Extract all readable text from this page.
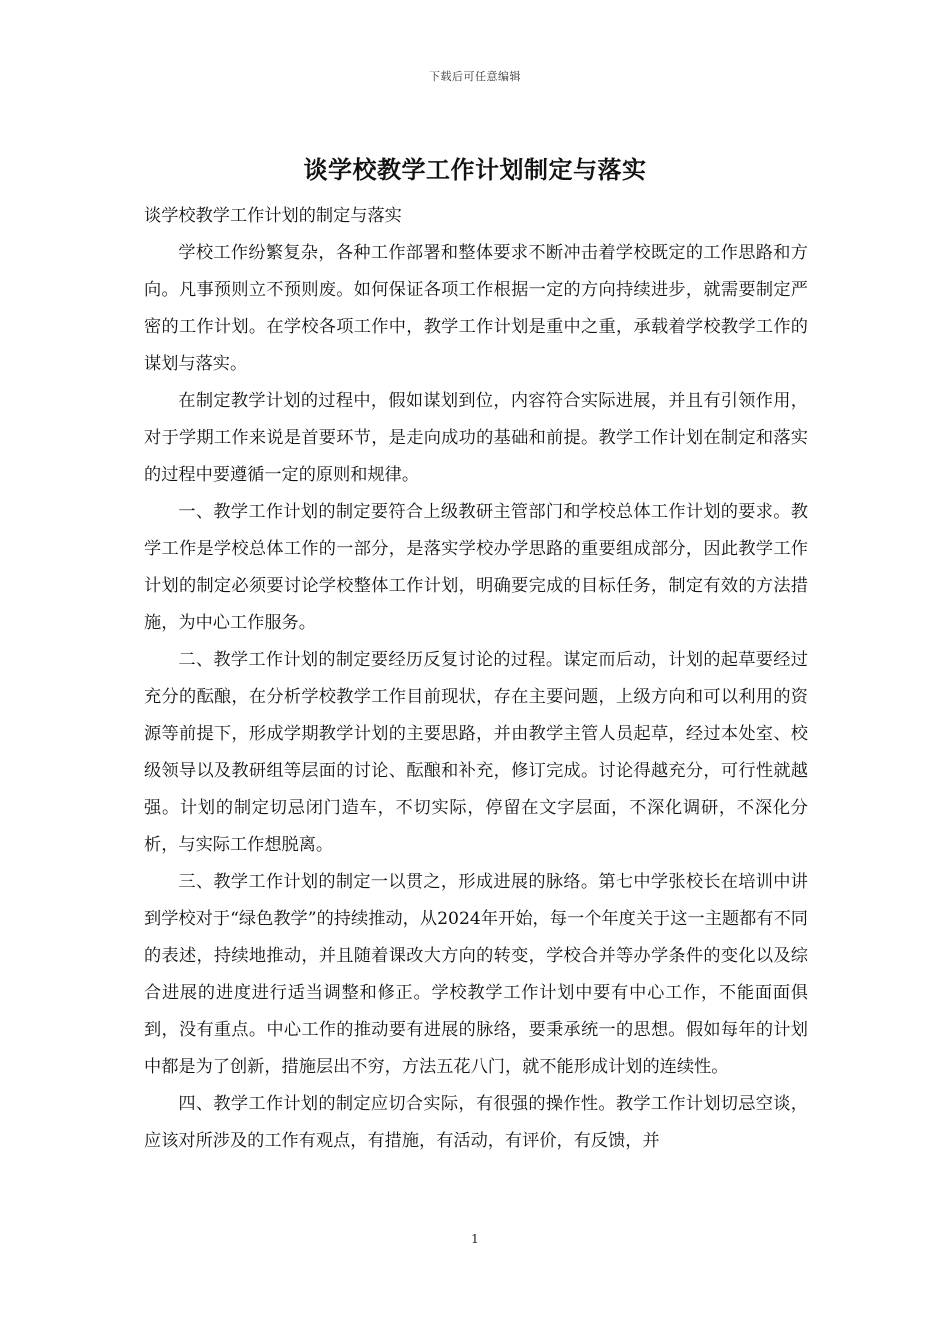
下载后可任意编辑
谈学校教学工作计划制定与落实

谈学校教学工作计划的制定与落实

学校工作纷繁复杂，各种工作部署和整体要求不断冲击着学校既定的工作思路和方向。凡事预则立不预则废。如何保证各项工作根据一定的方向持续进步，就需要制定严密的工作计划。在学校各项工作中，教学工作计划是重中之重，承载着学校教学工作的谋划与落实。

在制定教学计划的过程中，假如谋划到位，内容符合实际进展，并且有引领作用，对于学期工作来说是首要环节，是走向成功的基础和前提。教学工作计划在制定和落实的过程中要遵循一定的原则和规律。

一、教学工作计划的制定要符合上级教研主管部门和学校总体工作计划的要求。教学工作是学校总体工作的一部分，是落实学校办学思路的重要组成部分，因此教学工作计划的制定必须要讨论学校整体工作计划，明确要完成的目标任务，制定有效的方法措施，为中心工作服务。

二、教学工作计划的制定要经历反复讨论的过程。谋定而后动，计划的起草要经过充分的酝酿，在分析学校教学工作目前现状，存在主要问题，上级方向和可以利用的资源等前提下，形成学期教学计划的主要思路，并由教学主管人员起草，经过本处室、校级领导以及教研组等层面的讨论、酝酿和补充，修订完成。讨论得越充分，可行性就越强。计划的制定切忌闭门造车，不切实际，停留在文字层面，不深化调研，不深化分析，与实际工作想脱离。

三、教学工作计划的制定一以贯之，形成进展的脉络。第七中学张校长在培训中讲到学校对于“绿色教学”的持续推动，从2024年开始，每一个年度关于这一主题都有不同的表述，持续地推动，并且随着课改大方向的转变，学校合并等办学条件的变化以及综合进展的进度进行适当调整和修正。学校教学工作计划中要有中心工作，不能面面俱到，没有重点。中心工作的推动要有进展的脉络，要秉承统一的思想。假如每年的计划中都是为了创新，措施层出不穷，方法五花八门，就不能形成计划的连续性。

四、教学工作计划的制定应切合实际，有很强的操作性。教学工作计划切忌空谈，应该对所涉及的工作有观点，有措施，有活动，有评价，有反馈，并

1
